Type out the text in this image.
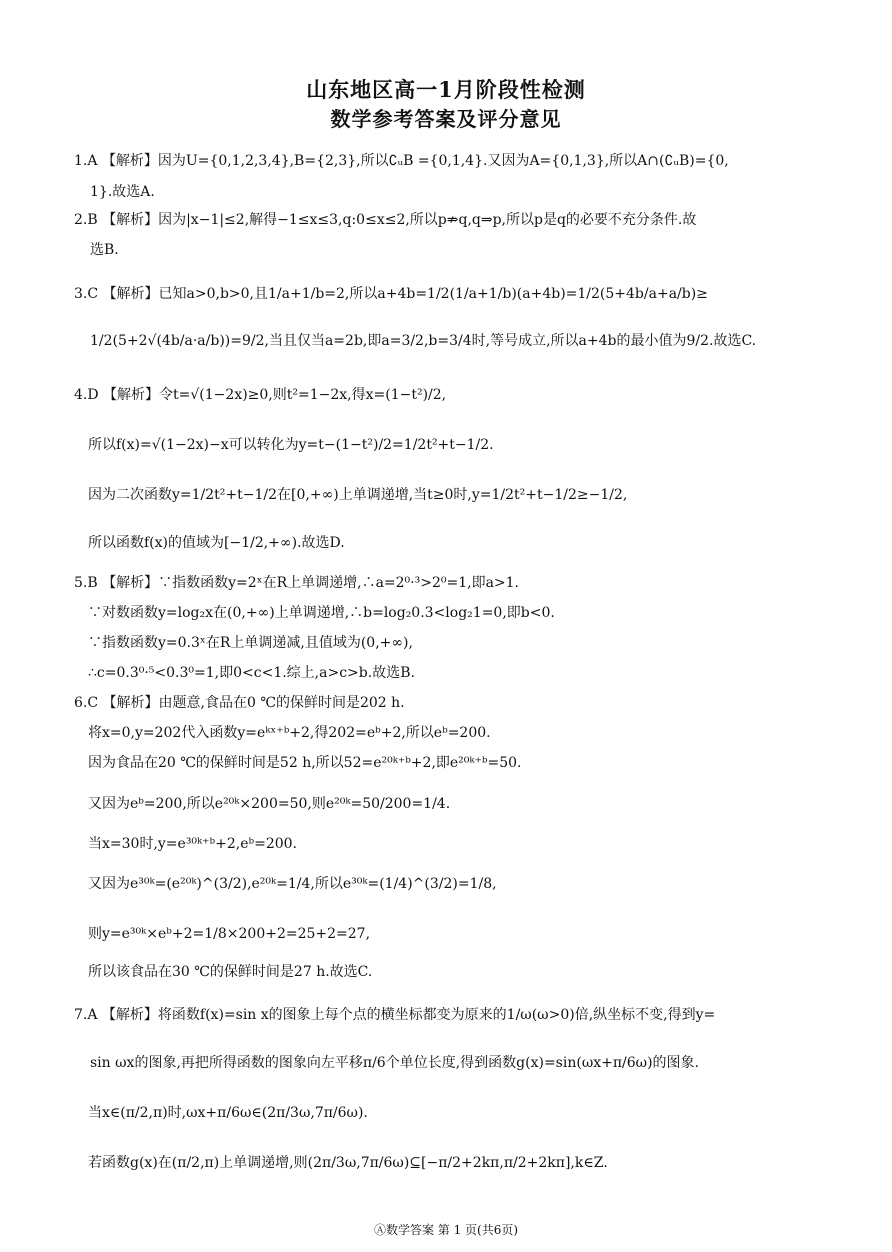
山东地区高一1月阶段性检测
数学参考答案及评分意见
1.A 【解析】因为U={0,1,2,3,4},B={2,3},所以∁ᵤB ={0,1,4}.又因为A={0,1,3},所以A∩(∁ᵤB)={0,
1}.故选A.
2.B 【解析】因为|x−1|≤2,解得−1≤x≤3,q:0≤x≤2,所以p⇏q,q⇒p,所以p是q的必要不充分条件.故
选B.
3.C 【解析】已知a>0,b>0,且1/a+1/b=2,所以a+4b=1/2(1/a+1/b)(a+4b)=1/2(5+4b/a+a/b)≥
1/2(5+2√(4b/a·a/b))=9/2,当且仅当a=2b,即a=3/2,b=3/4时,等号成立,所以a+4b的最小值为9/2.故选C.
4.D 【解析】令t=√(1−2x)≥0,则t²=1−2x,得x=(1−t²)/2,
所以f(x)=√(1−2x)−x可以转化为y=t−(1−t²)/2=1/2t²+t−1/2.
因为二次函数y=1/2t²+t−1/2在[0,+∞)上单调递增,当t≥0时,y=1/2t²+t−1/2≥−1/2,
所以函数f(x)的值域为[−1/2,+∞).故选D.
5.B 【解析】∵指数函数y=2ˣ在R上单调递增,∴a=2⁰·³>2⁰=1,即a>1.
∵对数函数y=log₂x在(0,+∞)上单调递增,∴b=log₂0.3<log₂1=0,即b<0.
∵指数函数y=0.3ˣ在R上单调递减,且值域为(0,+∞),
∴c=0.3⁰·⁵<0.3⁰=1,即0<c<1.综上,a>c>b.故选B.
6.C 【解析】由题意,食品在0 ℃的保鲜时间是202 h.
将x=0,y=202代入函数y=eᵏˣ⁺ᵇ+2,得202=eᵇ+2,所以eᵇ=200.
因为食品在20 ℃的保鲜时间是52 h,所以52=e²⁰ᵏ⁺ᵇ+2,即e²⁰ᵏ⁺ᵇ=50.
又因为eᵇ=200,所以e²⁰ᵏ×200=50,则e²⁰ᵏ=50/200=1/4.
当x=30时,y=e³⁰ᵏ⁺ᵇ+2,eᵇ=200.
又因为e³⁰ᵏ=(e²⁰ᵏ)^(3/2),e²⁰ᵏ=1/4,所以e³⁰ᵏ=(1/4)^(3/2)=1/8,
则y=e³⁰ᵏ×eᵇ+2=1/8×200+2=25+2=27,
所以该食品在30 ℃的保鲜时间是27 h.故选C.
7.A 【解析】将函数f(x)=sin x的图象上每个点的横坐标都变为原来的1/ω(ω>0)倍,纵坐标不变,得到y=
sin ωx的图象,再把所得函数的图象向左平移π/6个单位长度,得到函数g(x)=sin(ωx+π/6ω)的图象.
当x∈(π/2,π)时,ωx+π/6ω∈(2π/3ω,7π/6ω).
若函数g(x)在(π/2,π)上单调递增,则(2π/3ω,7π/6ω)⊆[−π/2+2kπ,π/2+2kπ],k∈Z.
Ⓐ数学答案 第 1 页(共6页)
